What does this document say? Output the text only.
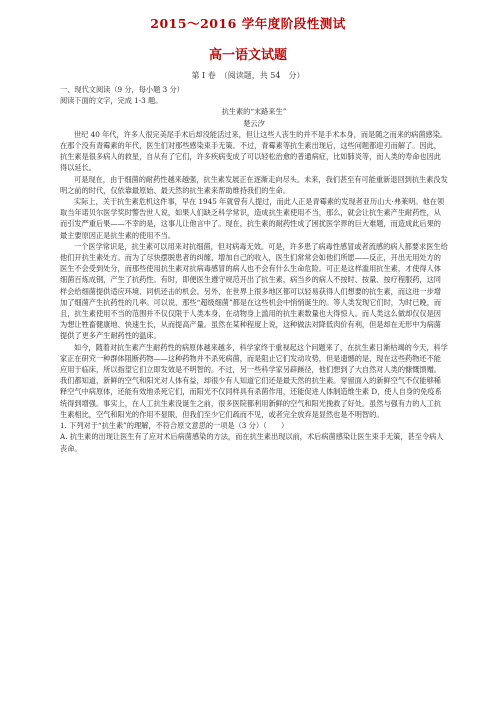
2015～2016 学年度阶段性测试
高一语文试题
第 Ⅰ 卷　（阅读题，共 54　分）

一、现代文阅读（9 分，每小题 3 分）

阅读下面的文字，完成 1-3 题。

抗生素的“末路来生”

楚云汐

世纪 40 年代，许多人很完美尾手术后却没能活过来，但让这些人丧生的并不是手术本身，而是随之而来的病菌感染。在那个没有青霉素的年代，医生们对那些感染束手无策。不过，青霉素等抗生素出现后，这些问题都迎刃而解了。因此，抗生素是很多病人的救星，自从有了它们，许多疾病变成了可以轻松治愈的普通病症，比如肺炎等，而人类的寿命也因此得以延长。

可是现在，由于细菌的耐药性越来越强，抗生素发展正在逐渐走向尽头。未来，我们甚至有可能重新退回到抗生素没发明之前的时代，仅依靠最原始、最天然的抗生素来帮助维持我们的生命。

实际上，关于抗生素危机这件事，早在 1945 年就曾有人提过，而此人正是青霉素的发现者亚历山大·弗莱明。他在领取当年诺贝尔医学奖时警告世人说，如果人们缺乏科学常识，造成抗生素使用不当，那么，就会让抗生素产生耐药性，从而引发严重后果——不幸的是，这事儿让他言中了。现在，抗生素的耐药性成了困扰医学界的巨大难题，而造成此后果的最主要原因正是抗生素的使用不当。

一个医学常识是，抗生素可以用来对抗细菌，但对病毒无效。可是，许多患了病毒性感冒或者流感的病人都要求医生给他们开抗生素处方。而为了尽快摆脱患者的纠缠，增加自己的收入，医生们常常会如他们所愿——反正，开出无用处方的医生不会受到处分，而那些使用抗生素对抗病毒感冒的病人也不会有什么生命危险。可正是这样滥用抗生素，才使得人体细菌百炼成钢，产生了抗药性。有时，即便医生遵守规范开出了抗生素，病当乡的病人不按时、按量、按疗程服药，这同样会给细菌提供适应环境、同机还击的机会。另外，在世界上很多地区都可以轻易获得人们想要的抗生素，而这进一步增加了细菌产生抗药性的几率。可以说，那些“超级细菌”都是在这些机会中悄悄诞生的。等人类发现它们时，为时已晚，而且，抗生素使用不当的范围并不仅仅限于人类本身，在动物身上滥用的抗生素数量也大得惊人。而人类这么做却仅仅是因为想让牲畜健康地、快速生长，从而提高产量。虽然在某种程度上说，这种做法对降低肉价有利，但是却在无形中为病菌提供了更多产生耐药性的温床。

如今，随着对抗生素产生耐药性的病原体越来越多，科学家终于重视起这个问题来了，在抗生素日渐枯竭的今天，科学家正在研究一种群体阻断药物——这种药物并不杀死病菌，而是阻止它们发动攻势，但是遗憾的是，现在这些药物还不能应用于临床，所以指望它们立即发效是不明智的。不过，另一些科学家另辟蹊径，他们想到了大自然对人类的慷慨馈赠。我们都知道，新鲜的空气和阳光对人体有益，却很少有人知道它们还是最天然的抗生素。穿留面入的新鲜空气不仅能够稀释空气中病原体，还能有效地杀死它们，而阳光不仅同样具有杀菌作用，还能促进人体制造维生素 D，使人自身的免疫系统得到增强。事实上，在人工抗生素没诞生之前，很多医院都利用新鲜的空气和阳光挽救了好处。虽然与强有力的人工抗生素相比，空气和阳光的作用不显眼，但我们至少它们疏而不见，或者完全放弃是显然也是不明智的。

1. 下列对于“抗生素”的理解，不符合原文意思的一项是（3 分）（　　）

A. 抗生素的出现让医生有了应对术后病菌感染的方法，而在抗生素出现以前，术后病菌感染让医生束手无策，甚至令病人丧命。
